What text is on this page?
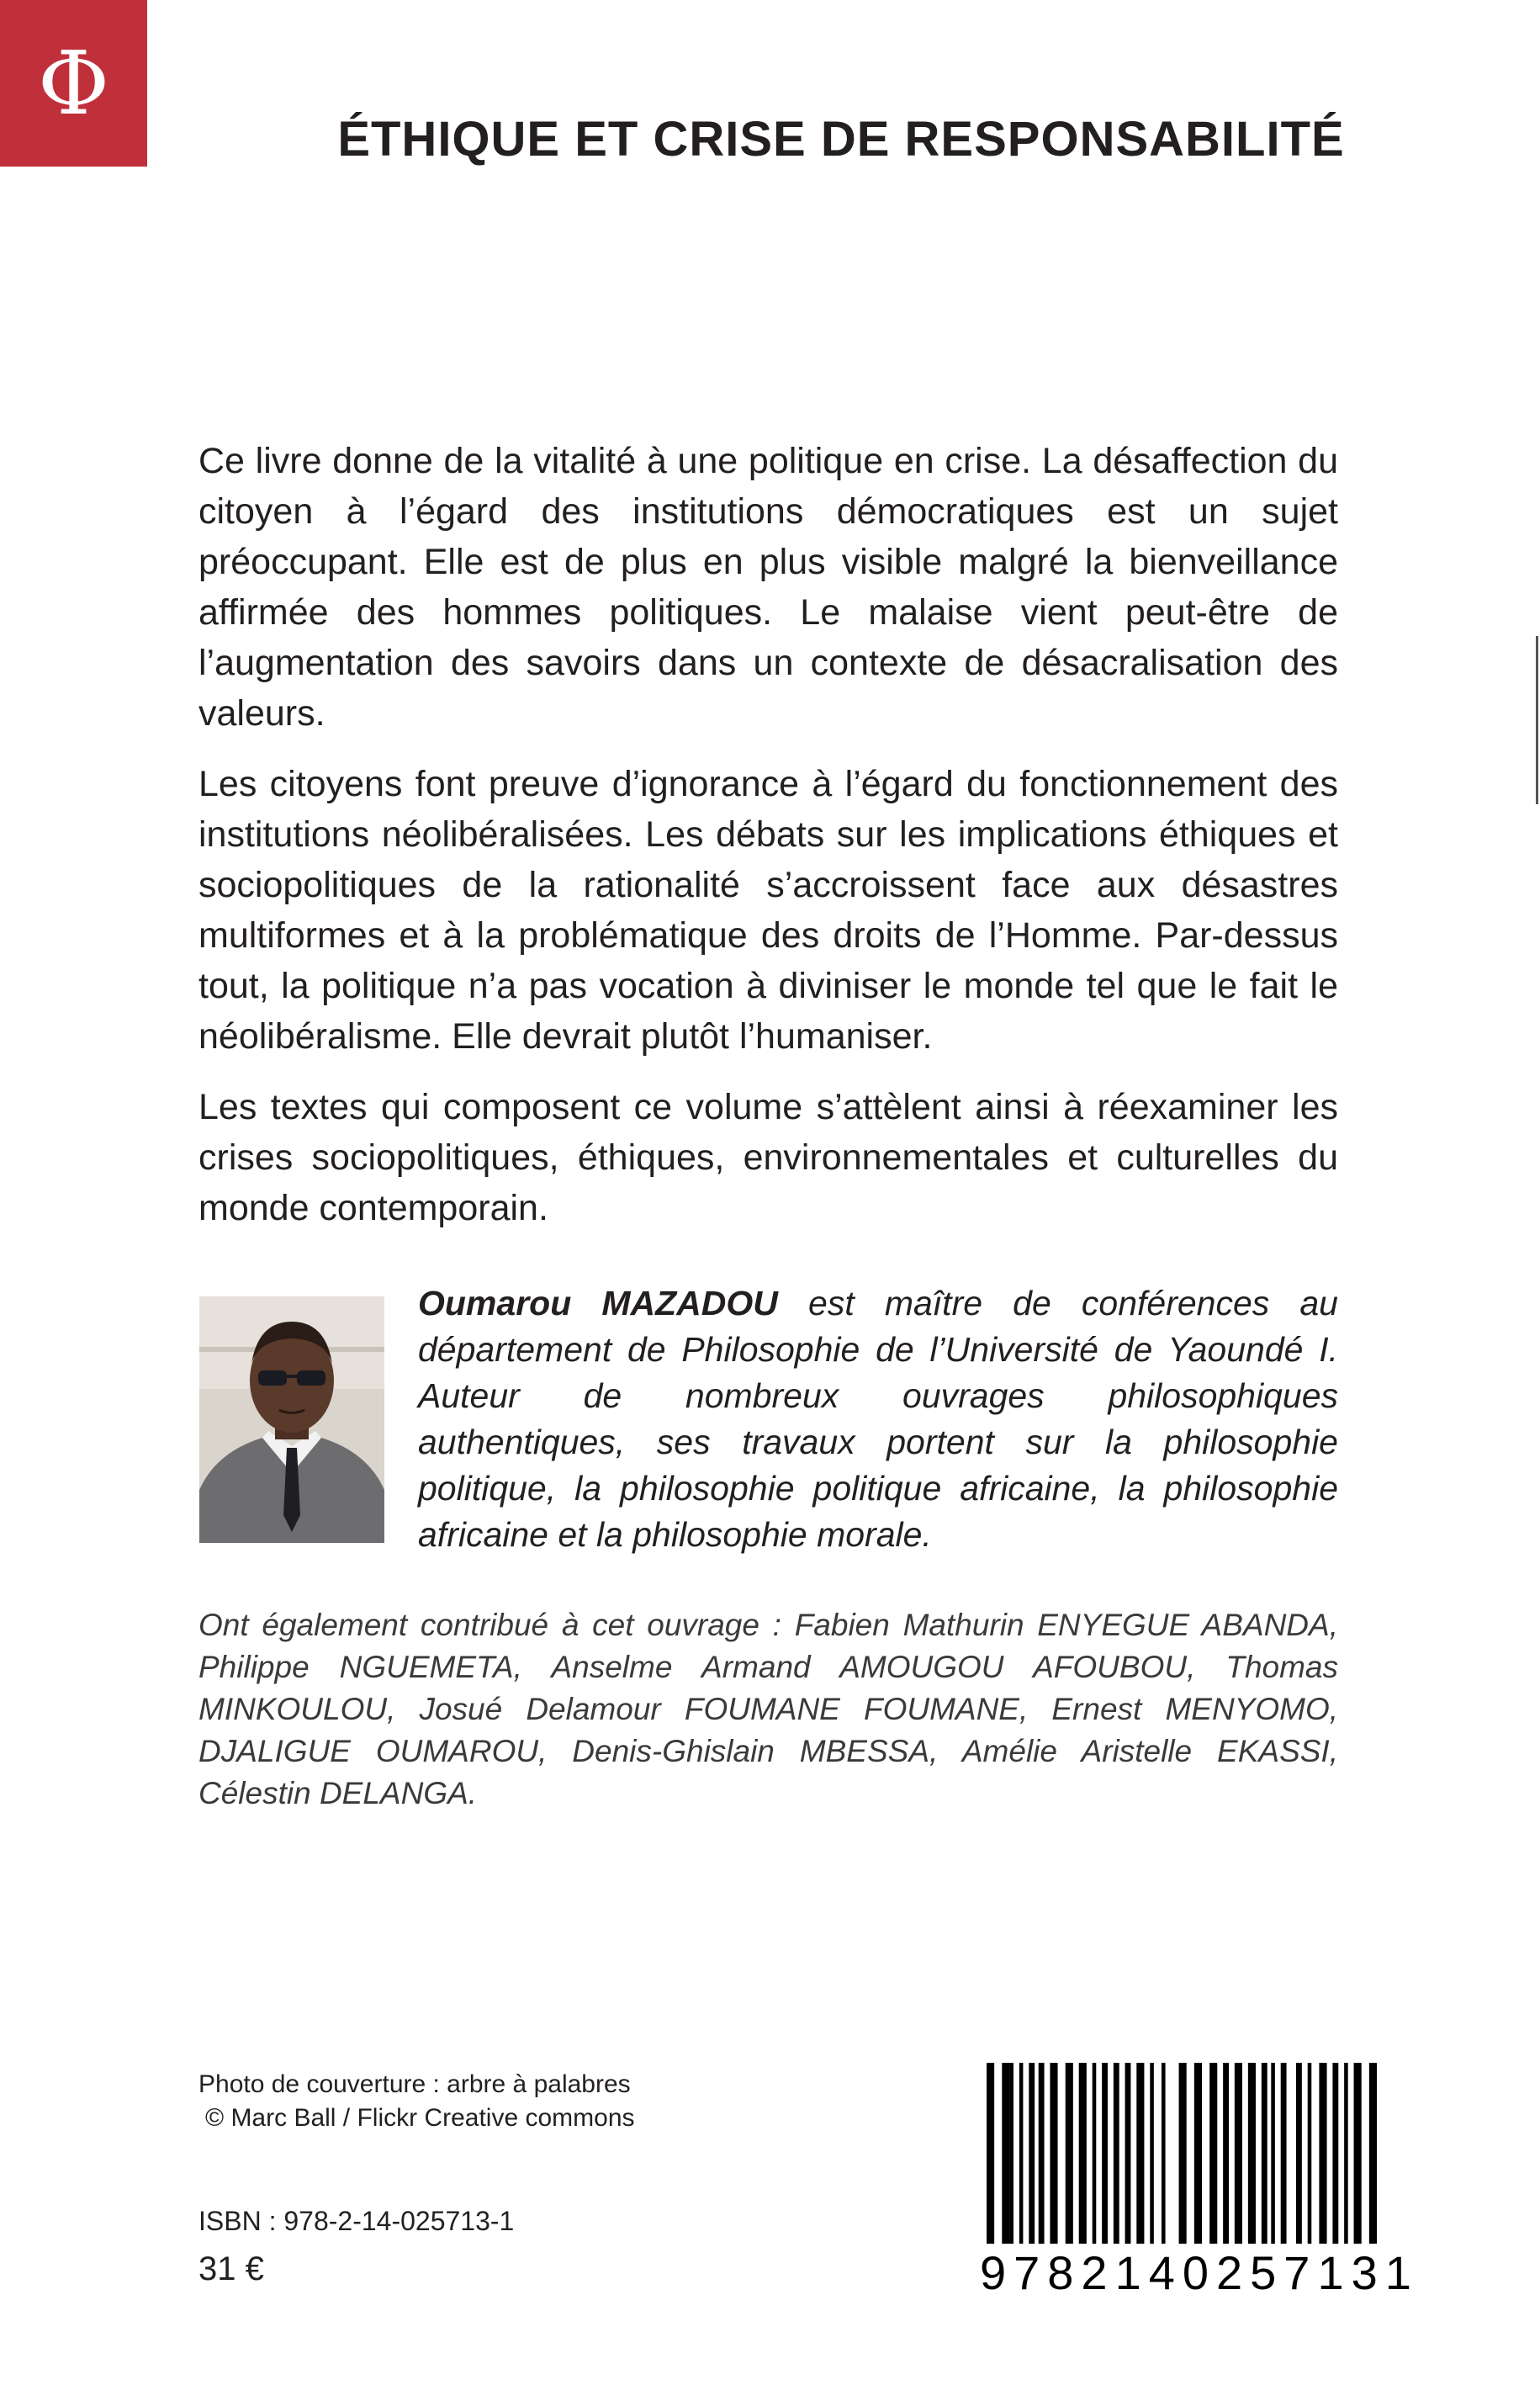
Φ
ÉTHIQUE ET CRISE DE RESPONSABILITÉ

Ce livre donne de la vitalité à une politique en crise. La désaffection du citoyen à l’égard des institutions démocratiques est un sujet préoccupant. Elle est de plus en plus visible malgré la bienveillance affirmée des hommes politiques. Le malaise vient peut-être de l’augmentation des savoirs dans un contexte de désacralisation des valeurs.

Les citoyens font preuve d’ignorance à l’égard du fonctionnement des institutions néolibéralisées. Les débats sur les implications éthiques et sociopolitiques de la rationalité s’accroissent face aux désastres multiformes et à la problématique des droits de l’Homme. Par-dessus tout, la politique n’a pas vocation à diviniser le monde tel que le fait le néolibéralisme. Elle devrait plutôt l’humaniser.

Les textes qui composent ce volume s’attèlent ainsi à réexaminer les crises sociopolitiques, éthiques, environnementales et culturelles du monde contemporain.

Oumarou MAZADOU est maître de conférences au département de Philosophie de l’Université de Yaoundé I. Auteur de nombreux ouvrages philosophiques authentiques, ses travaux portent sur la philosophie politique, la philosophie politique africaine, la philosophie africaine et la philosophie morale.
Ont également contribué à cet ouvrage : Fabien Mathurin ENYEGUE ABANDA, Philippe NGUEMETA, Anselme Armand AMOUGOU AFOUBOU, Thomas MINKOULOU, Josué Delamour FOUMANE FOUMANE, Ernest MENYOMO, DJALIGUE OUMAROU, Denis-Ghislain MBESSA, Amélie Aristelle EKASSI, Célestin DELANGA.
Photo de couverture : arbre à palabres
© Marc Ball / Flickr Creative commons
ISBN : 978-2-14-025713-1
31 €	9782140257131
